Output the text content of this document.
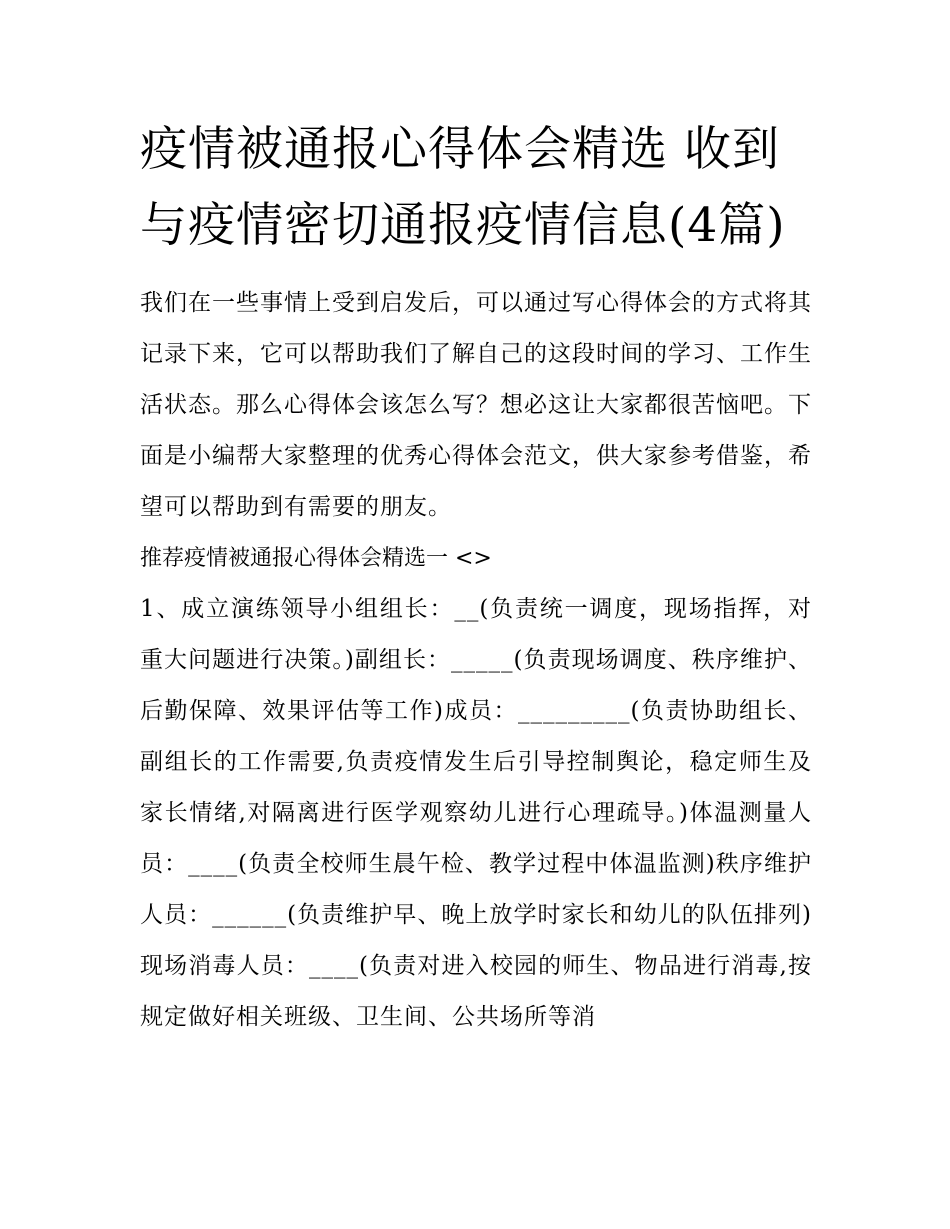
疫情被通报心得体会精选 收到与疫情密切通报疫情信息(4篇)

我们在一些事情上受到启发后，可以通过写心得体会的方式将其记录下来，它可以帮助我们了解自己的这段时间的学习、工作生活状态。那么心得体会该怎么写？想必这让大家都很苦恼吧。下面是小编帮大家整理的优秀心得体会范文，供大家参考借鉴，希望可以帮助到有需要的朋友。

推荐疫情被通报心得体会精选一 <>

1、成立演练领导小组组长：__(负责统一调度，现场指挥，对重大问题进行决策。)副组长：_____(负责现场调度、秩序维护、后勤保障、效果评估等工作)成员：_________(负责协助组长、副组长的工作需要,负责疫情发生后引导控制舆论，稳定师生及家长情绪,对隔离进行医学观察幼儿进行心理疏导。)体温测量人员：____(负责全校师生晨午检、教学过程中体温监测)秩序维护人员：______(负责维护早、晚上放学时家长和幼儿的队伍排列)现场消毒人员：____(负责对进入校园的师生、物品进行消毒,按规定做好相关班级、卫生间、公共场所等消
